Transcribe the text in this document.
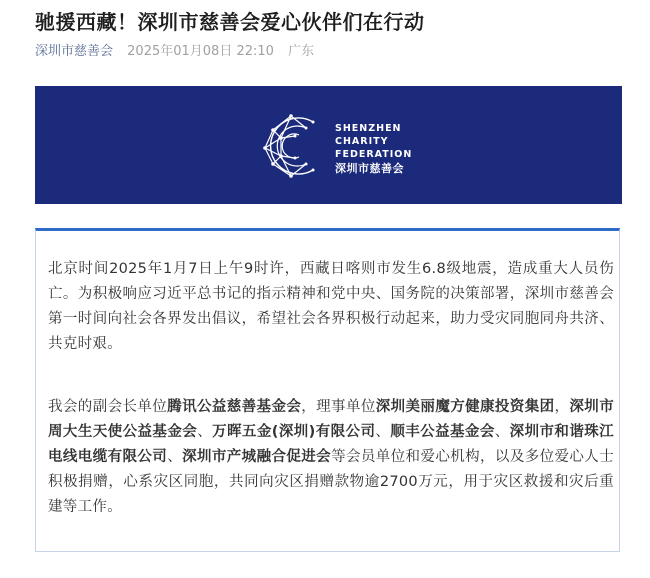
驰援西藏！深圳市慈善会爱心伙伴们在行动
深圳市慈善会 2025年01月08日 22:10 广东
SHENZHEN
CHARITY
FEDERATION
深圳市慈善会
北京时间2025年1月7日上午9时许，西藏日喀则市发生6.8级地震，造成重大人员伤亡。为积极响应习近平总书记的指示精神和党中央、国务院的决策部署，深圳市慈善会第一时间向社会各界发出倡议，希望社会各界积极行动起来，助力受灾同胞同舟共济、共克时艰。
我会的副会长单位腾讯公益慈善基金会，理事单位深圳美丽魔方健康投资集团，深圳市周大生天使公益基金会、万晖五金(深圳)有限公司、顺丰公益基金会、深圳市和谐珠江电线电缆有限公司、深圳市产城融合促进会等会员单位和爱心机构，以及多位爱心人士积极捐赠，心系灾区同胞，共同向灾区捐赠款物逾2700万元，用于灾区救援和灾后重建等工作。
